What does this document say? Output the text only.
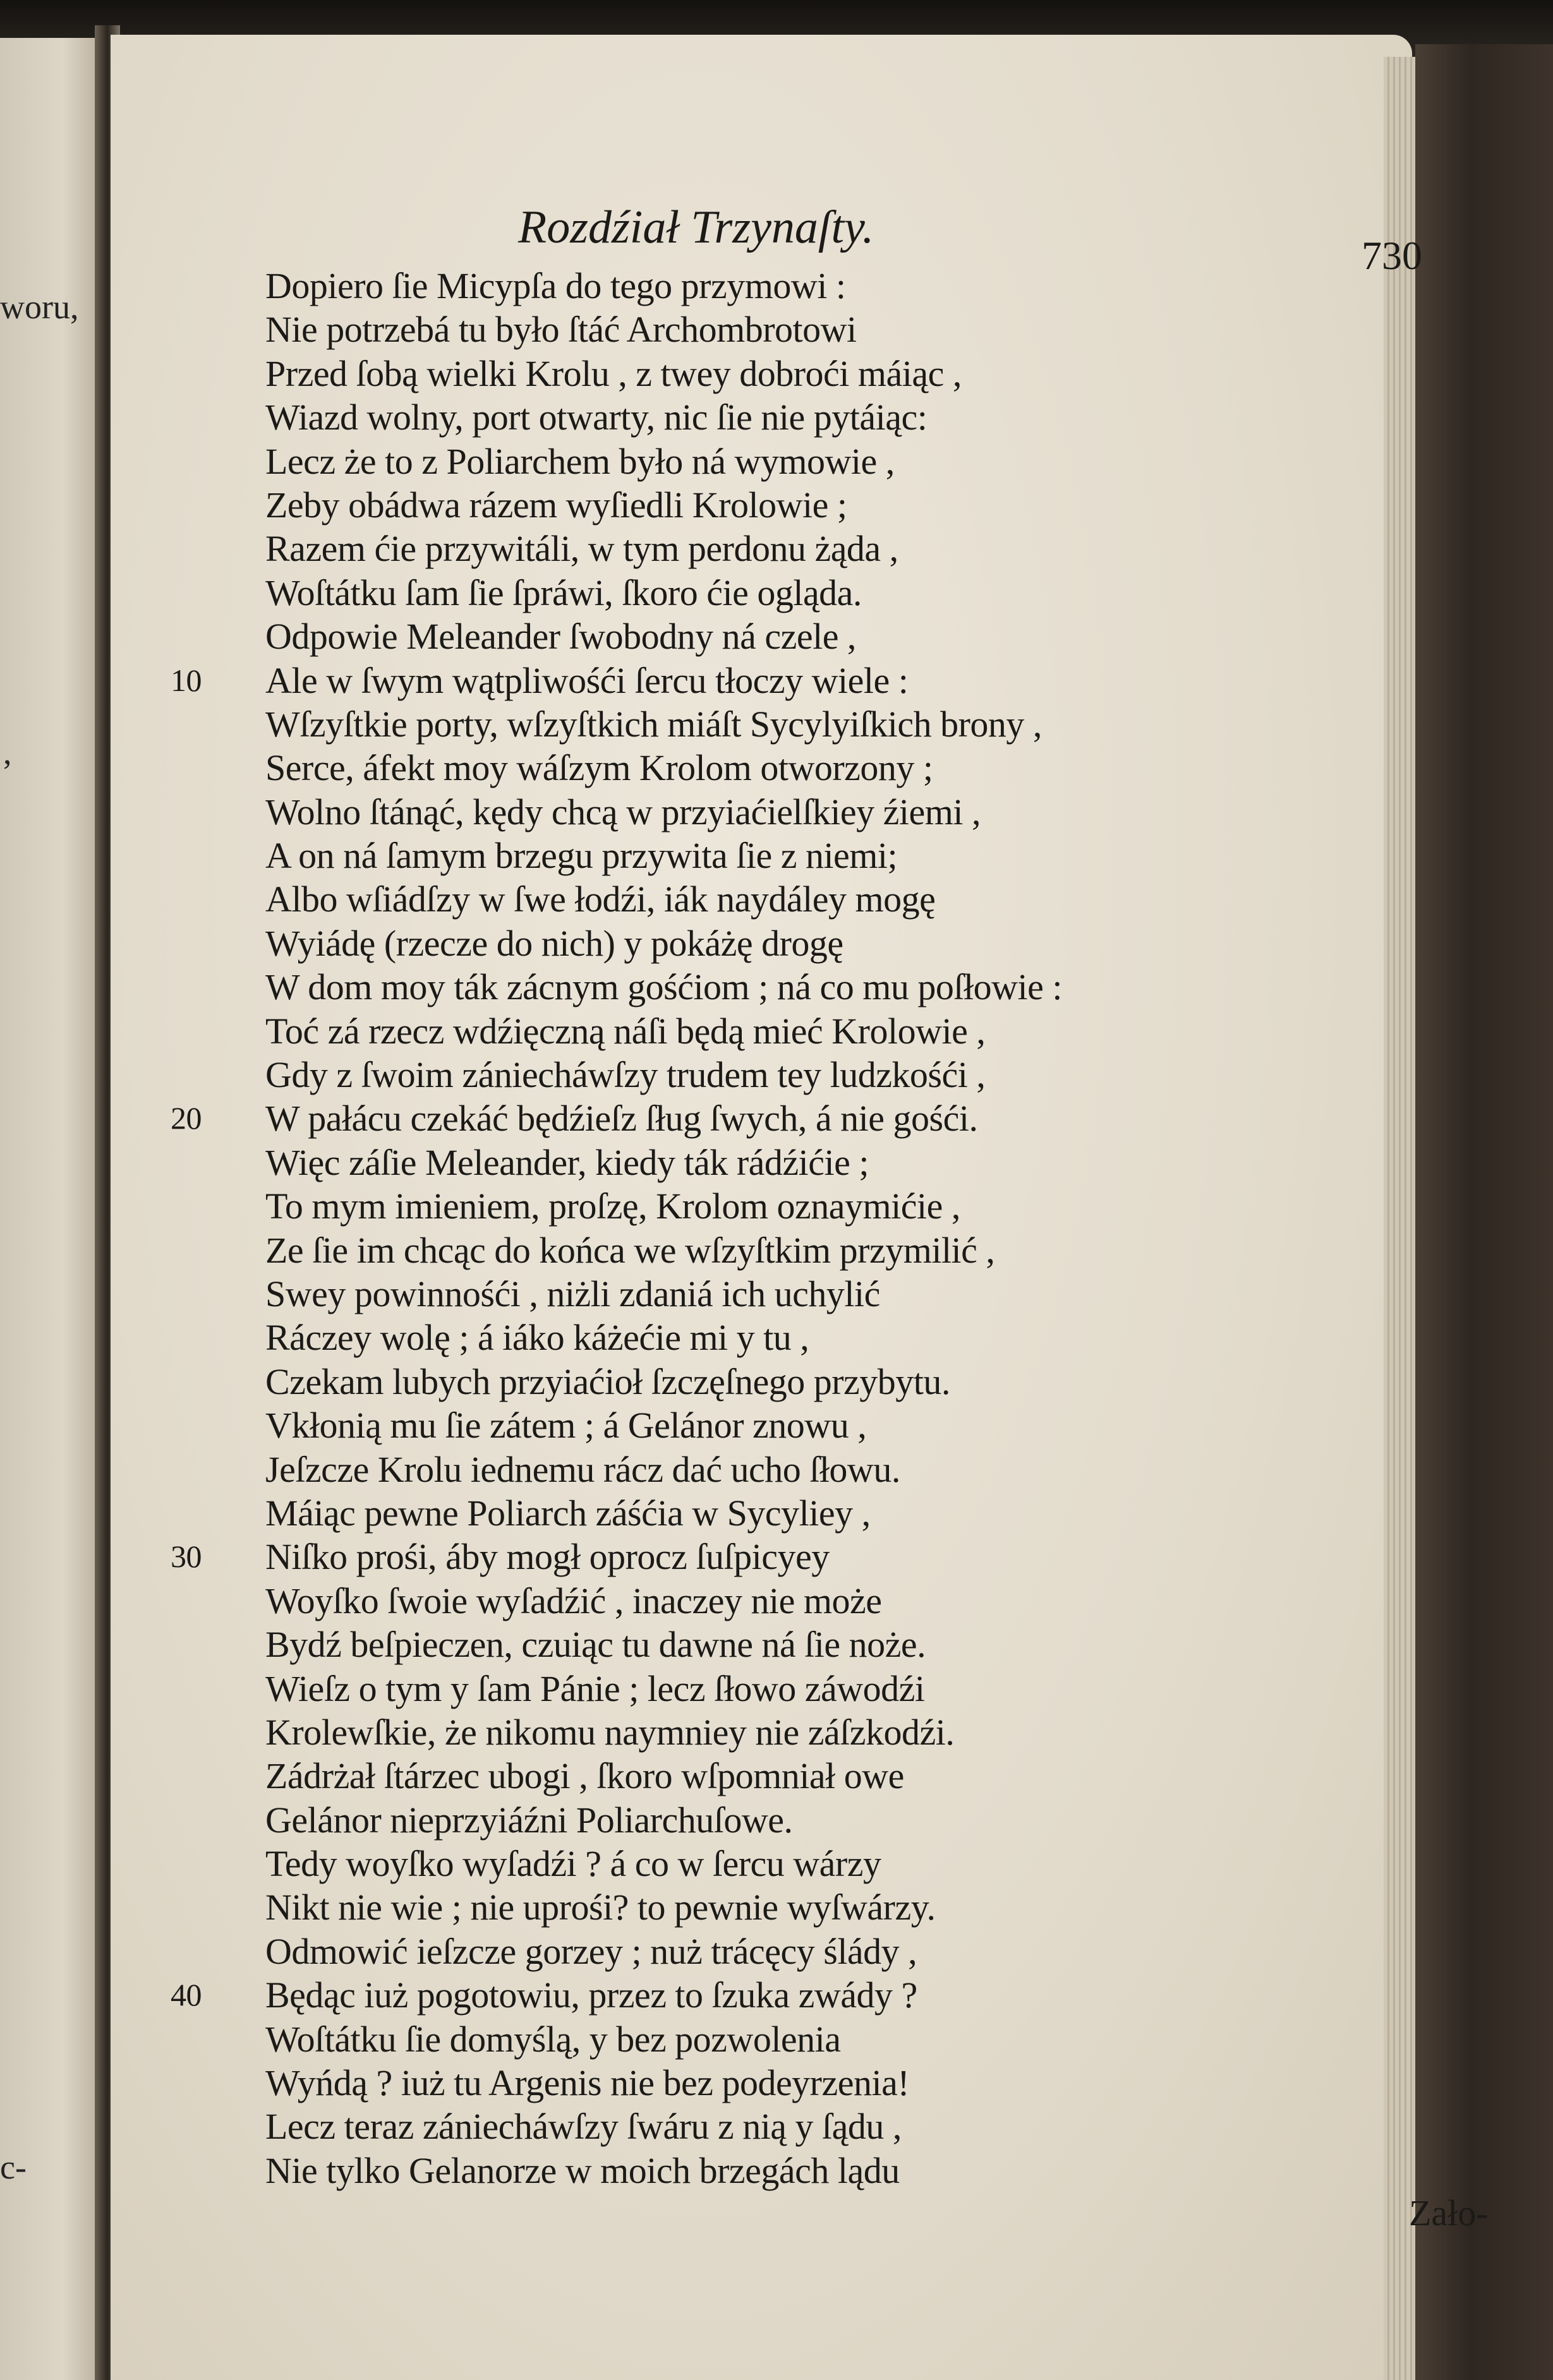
woru,
,
c-
Rozdźiał Trzynaſty.
730
Dopiero ſie Micypſa do tego przymowi :
Nie potrzebá tu było ſtáć Archombrotowi
Przed ſobą wielki Krolu , z twey dobroći máiąc ,
Wiazd wolny, port otwarty, nic ſie nie pytáiąc:
Lecz że to z Poliarchem było ná wymowie ,
Zeby obádwa rázem wyſiedli Krolowie ;
Razem ćie przywitáli, w tym perdonu żąda ,
Woſtátku ſam ſie ſpráwi, ſkoro ćie ogląda.
Odpowie Meleander ſwobodny ná czele ,
10 Ale w ſwym wątpliwośći ſercu tłoczy wiele :
Wſzyſtkie porty, wſzyſtkich miáſt Sycylyiſkich brony ,
Serce, áfekt moy wáſzym Krolom otworzony ;
Wolno ſtánąć, kędy chcą w przyiaćielſkiey źiemi ,
A on ná ſamym brzegu przywita ſie z niemi;
Albo wſiádſzy w ſwe łodźi, iák naydáley mogę
Wyiádę (rzecze do nich) y pokáżę drogę
W dom moy ták zácnym gośćiom ; ná co mu poſłowie :
Toć zá rzecz wdźięczną náſi będą mieć Krolowie ,
Gdy z ſwoim zániecháwſzy trudem tey ludzkośći ,
20 W pałácu czekáć będźieſz ſług ſwych, á nie gośći.
Więc záſie Meleander, kiedy ták rádźićie ;
To mym imieniem, proſzę, Krolom oznaymićie ,
Ze ſie im chcąc do końca we wſzyſtkim przymilić ,
Swey powinnośći , niżli zdaniá ich uchylić
Ráczey wolę ; á iáko káżećie mi y tu ,
Czekam lubych przyiaćioł ſzczęſnego przybytu.
Vkłonią mu ſie zátem ; á Gelánor znowu ,
Jeſzcze Krolu iednemu rácz dać ucho ſłowu.
Máiąc pewne Poliarch záśćia w Sycyliey ,
30 Niſko prośi, áby mogł oprocz ſuſpicyey
Woyſko ſwoie wyſadźić , inaczey nie może
Bydź beſpieczen, czuiąc tu dawne ná ſie noże.
Wieſz o tym y ſam Pánie ; lecz ſłowo záwodźi
Krolewſkie, że nikomu naymniey nie záſzkodźi.
Zádrżał ſtárzec ubogi , ſkoro wſpomniał owe
Gelánor nieprzyiáźni Poliarchuſowe.
Tedy woyſko wyſadźi ? á co w ſercu wárzy
Nikt nie wie ; nie uprośi? to pewnie wyſwárzy.
Odmowić ieſzcze gorzey ; nuż trácęcy ślády ,
40 Będąc iuż pogotowiu, przez to ſzuka zwády ?
Woſtátku ſie domyślą, y bez pozwolenia
Wyńdą ? iuż tu Argenis nie bez podeyrzenia!
Lecz teraz zániecháwſzy ſwáru z nią y ſądu ,
Nie tylko Gelanorze w moich brzegách lądu
Zało-
